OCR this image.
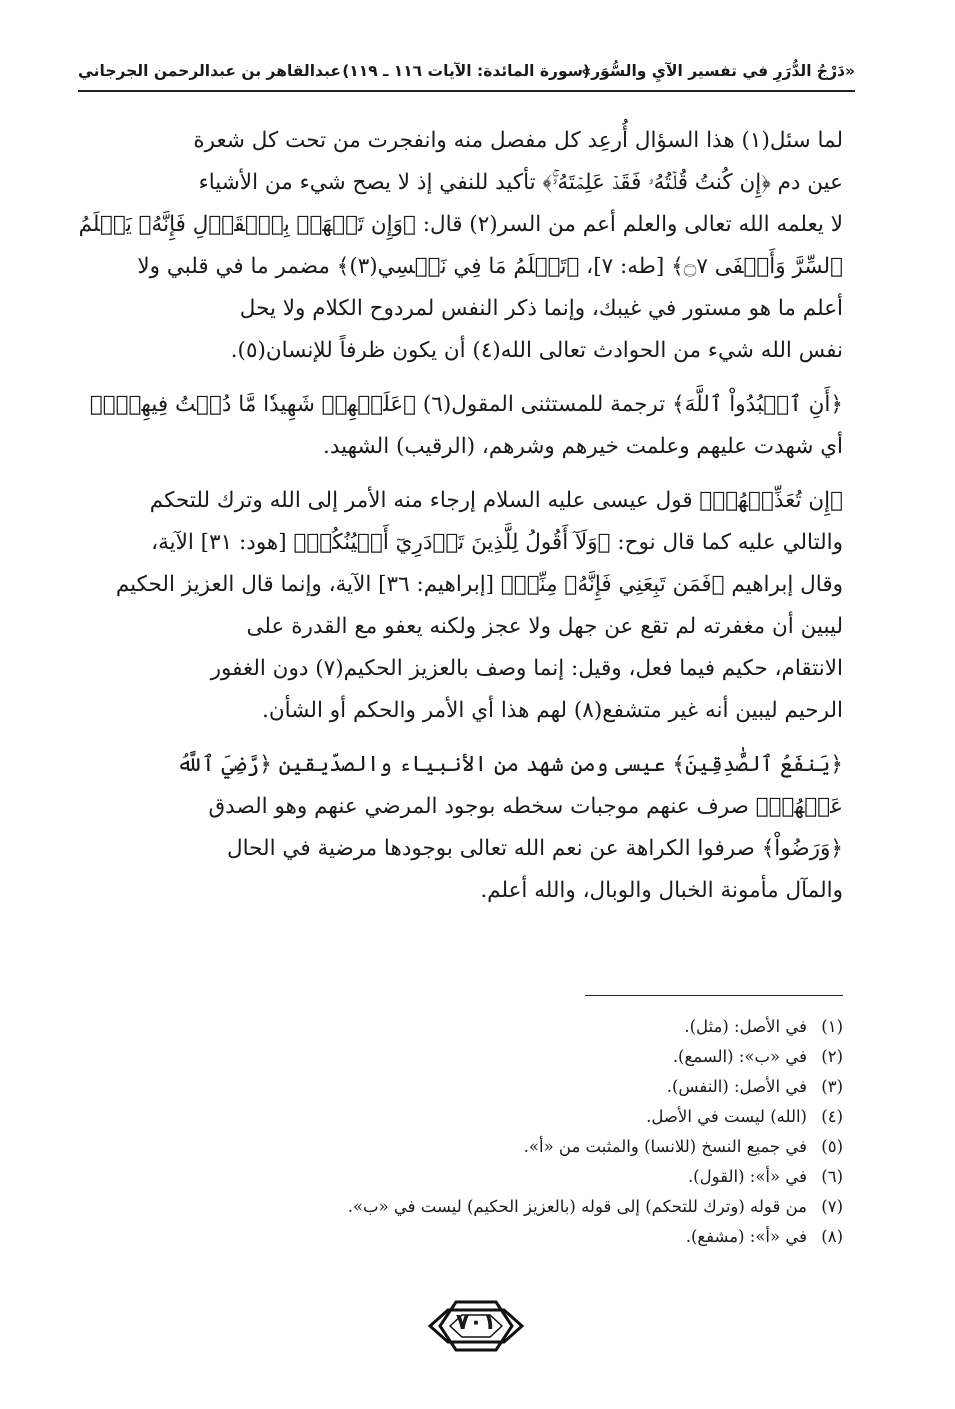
«دَرْجُ الدُّرَرِ في تفسير الآيِ والسُّوَر»
(سورة المائدة: الآيات ١١٦ ـ ١١٩)
عبدالقاهر بن عبدالرحمن الجرجاني

لما سئل(١) هذا السؤال أُرعِد كل مفصل منه وانفجرت من تحت كل شعرة
عين دم ﴿إِن كُنتُ قُلۡتُهُۥ فَقَدۡ عَلِمۡتَهُۥۚ﴾ تأكيد للنفي إذ لا يصح شيء من الأشياء
لا يعلمه الله تعالى والعلم أعم من السر(٢) قال: ﴿وَإِن تَجۡهَرۡ بِٱلۡقَوۡلِ فَإِنَّهُۥ يَعۡلَمُ
ٱلسِّرَّ وَأَخۡفَى ۝٧﴾ [طه: ٧]، ﴿تَعۡلَمُ مَا فِي نَفۡسِي(٣)﴾ مضمر ما في قلبي ولا
أعلم ما هو مستور في غيبك، وإنما ذكر النفس لمردوح الكلام ولا يحل
نفس الله شيء من الحوادث تعالى الله(٤) أن يكون ظرفاً للإنسان(٥).

﴿أَنِ ٱعۡبُدُواْ ٱللَّهَ﴾ ترجمة للمستثنى المقول(٦) ﴿عَلَيۡهِمۡ شَهِيدٗا مَّا دُمۡتُ فِيهِمۡۖ﴾
أي شهدت عليهم وعلمت خيرهم وشرهم، (الرقيب) الشهيد.

﴿إِن تُعَذِّبۡهُمۡ﴾ قول عيسى عليه السلام إرجاء منه الأمر إلى الله وترك للتحكم
والتالي عليه كما قال نوح: ﴿وَلَآ أَقُولُ لِلَّذِينَ تَزۡدَرِيٓ أَعۡيُنُكُمۡ﴾ [هود: ٣١] الآية،
وقال إبراهيم ﴿فَمَن تَبِعَنِي فَإِنَّهُۥ مِنِّيۖ﴾ [إبراهيم: ٣٦] الآية، وإنما قال العزيز الحكيم
ليبين أن مغفرته لم تقع عن جهل ولا عجز ولكنه يعفو مع القدرة على
الانتقام، حكيم فيما فعل، وقيل: إنما وصف بالعزيز الحكيم(٧) دون الغفور
الرحيم ليبين أنه غير متشفع(٨) لهم هذا أي الأمر والحكم أو الشأن.

﴿يَنفَعُ ٱلصَّٰدِقِينَ﴾ عيسى ومن شهد من الأنبياء والصدّيقين ﴿رَّضِيَ ٱللَّهُ
عَنۡهُمۡ﴾ صرف عنهم موجبات سخطه بوجود المرضي عنهم وهو الصدق
﴿وَرَضُواْ﴾ صرفوا الكراهة عن نعم الله تعالى بوجودها مرضية في الحال
والمآل مأمونة الخبال والوبال، والله أعلم.

(١)في الأصل: (مثل).
(٢)في «ب»: (السمع).
(٣)في الأصل: (النفس).
(٤)(الله) ليست في الأصل.
(٥)في جميع النسخ (للانسا) والمثبت من «أ».
(٦)في «أ»: (القول).
(٧)من قوله (وترك للتحكم) إلى قوله (بالعزيز الحكيم) ليست في «ب».
(٨)في «أ»: (مشفع).
٧٠١
